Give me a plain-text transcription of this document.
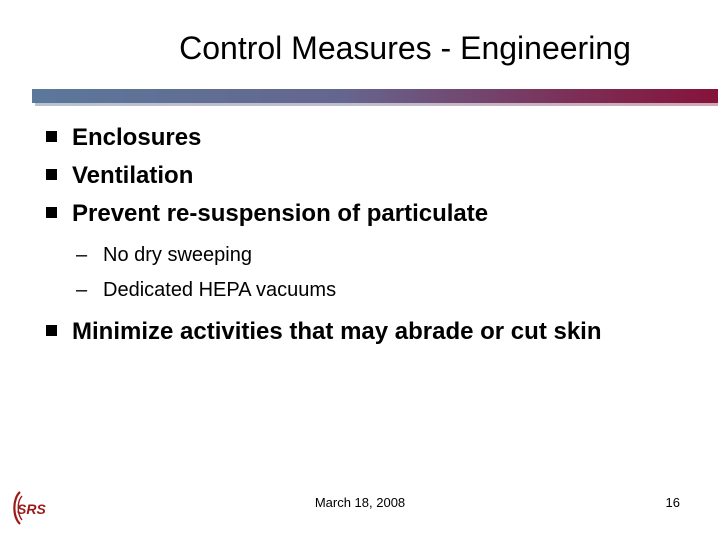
Control Measures - Engineering
Enclosures
Ventilation
Prevent re-suspension of particulate
– No dry sweeping
– Dedicated HEPA vacuums
Minimize activities that may abrade or cut skin
SRS	March 18, 2008	16
